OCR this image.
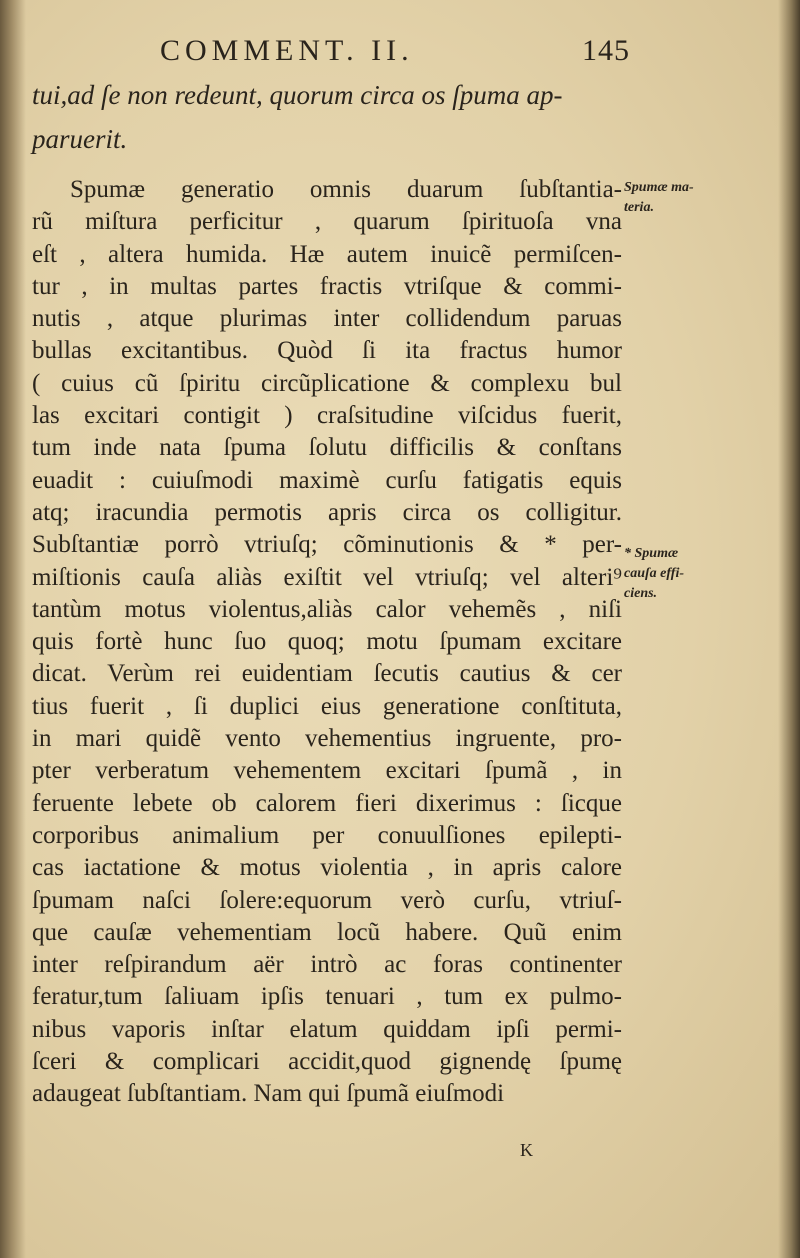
COMMENT. II.	145
tui,ad ſe non redeunt, quorum circa os ſpuma ap-
paruerit.
Spumæ generatio omnis duarum ſubſtantia-
rũ miſtura perficitur , quarum ſpirituoſa vna
eſt , altera humida. Hæ autem inuicẽ permiſcen-
tur , in multas partes fractis vtriſque & commi-
nutis , atque plurimas inter collidendum paruas
bullas excitantibus. Quòd ſi ita fractus humor
( cuius cũ ſpiritu circũplicatione & complexu bul
las excitari contigit ) craſsitudine viſcidus fuerit,
tum inde nata ſpuma ſolutu difficilis & conſtans
euadit : cuiuſmodi maximè curſu fatigatis equis
atq; iracundia permotis apris circa os colligitur.
Subſtantiæ porrò vtriuſq; cõminutionis & * per-
miſtionis cauſa aliàs exiſtit vel vtriuſq; vel alteri⁹
tantùm motus violentus,aliàs calor vehemẽs , niſi
quis fortè hunc ſuo quoq; motu ſpumam excitare
dicat. Verùm rei euidentiam ſecutis cautius & cer
tius fuerit , ſi duplici eius generatione conſtituta,
in mari quidẽ vento vehementius ingruente, pro-
pter verberatum vehementem excitari ſpumã , in
feruente lebete ob calorem fieri dixerimus : ſicque
corporibus animalium per conuulſiones epilepti-
cas iactatione & motus violentia , in apris calore
ſpumam naſci ſolere:equorum verò curſu, vtriuſ-
que cauſæ vehementiam locũ habere. Quũ enim
inter reſpirandum aër intrò ac foras continenter
feratur,tum ſaliuam ipſis tenuari , tum ex pulmo-
nibus vaporis inſtar elatum quiddam ipſi permi-
ſceri & complicari accidit,quod gignendę ſpumę
adaugeat ſubſtantiam. Nam qui ſpumã eiuſmodi
Spumæ ma-
teria.
* Spumæ
cauſa effi-
ciens.
K
